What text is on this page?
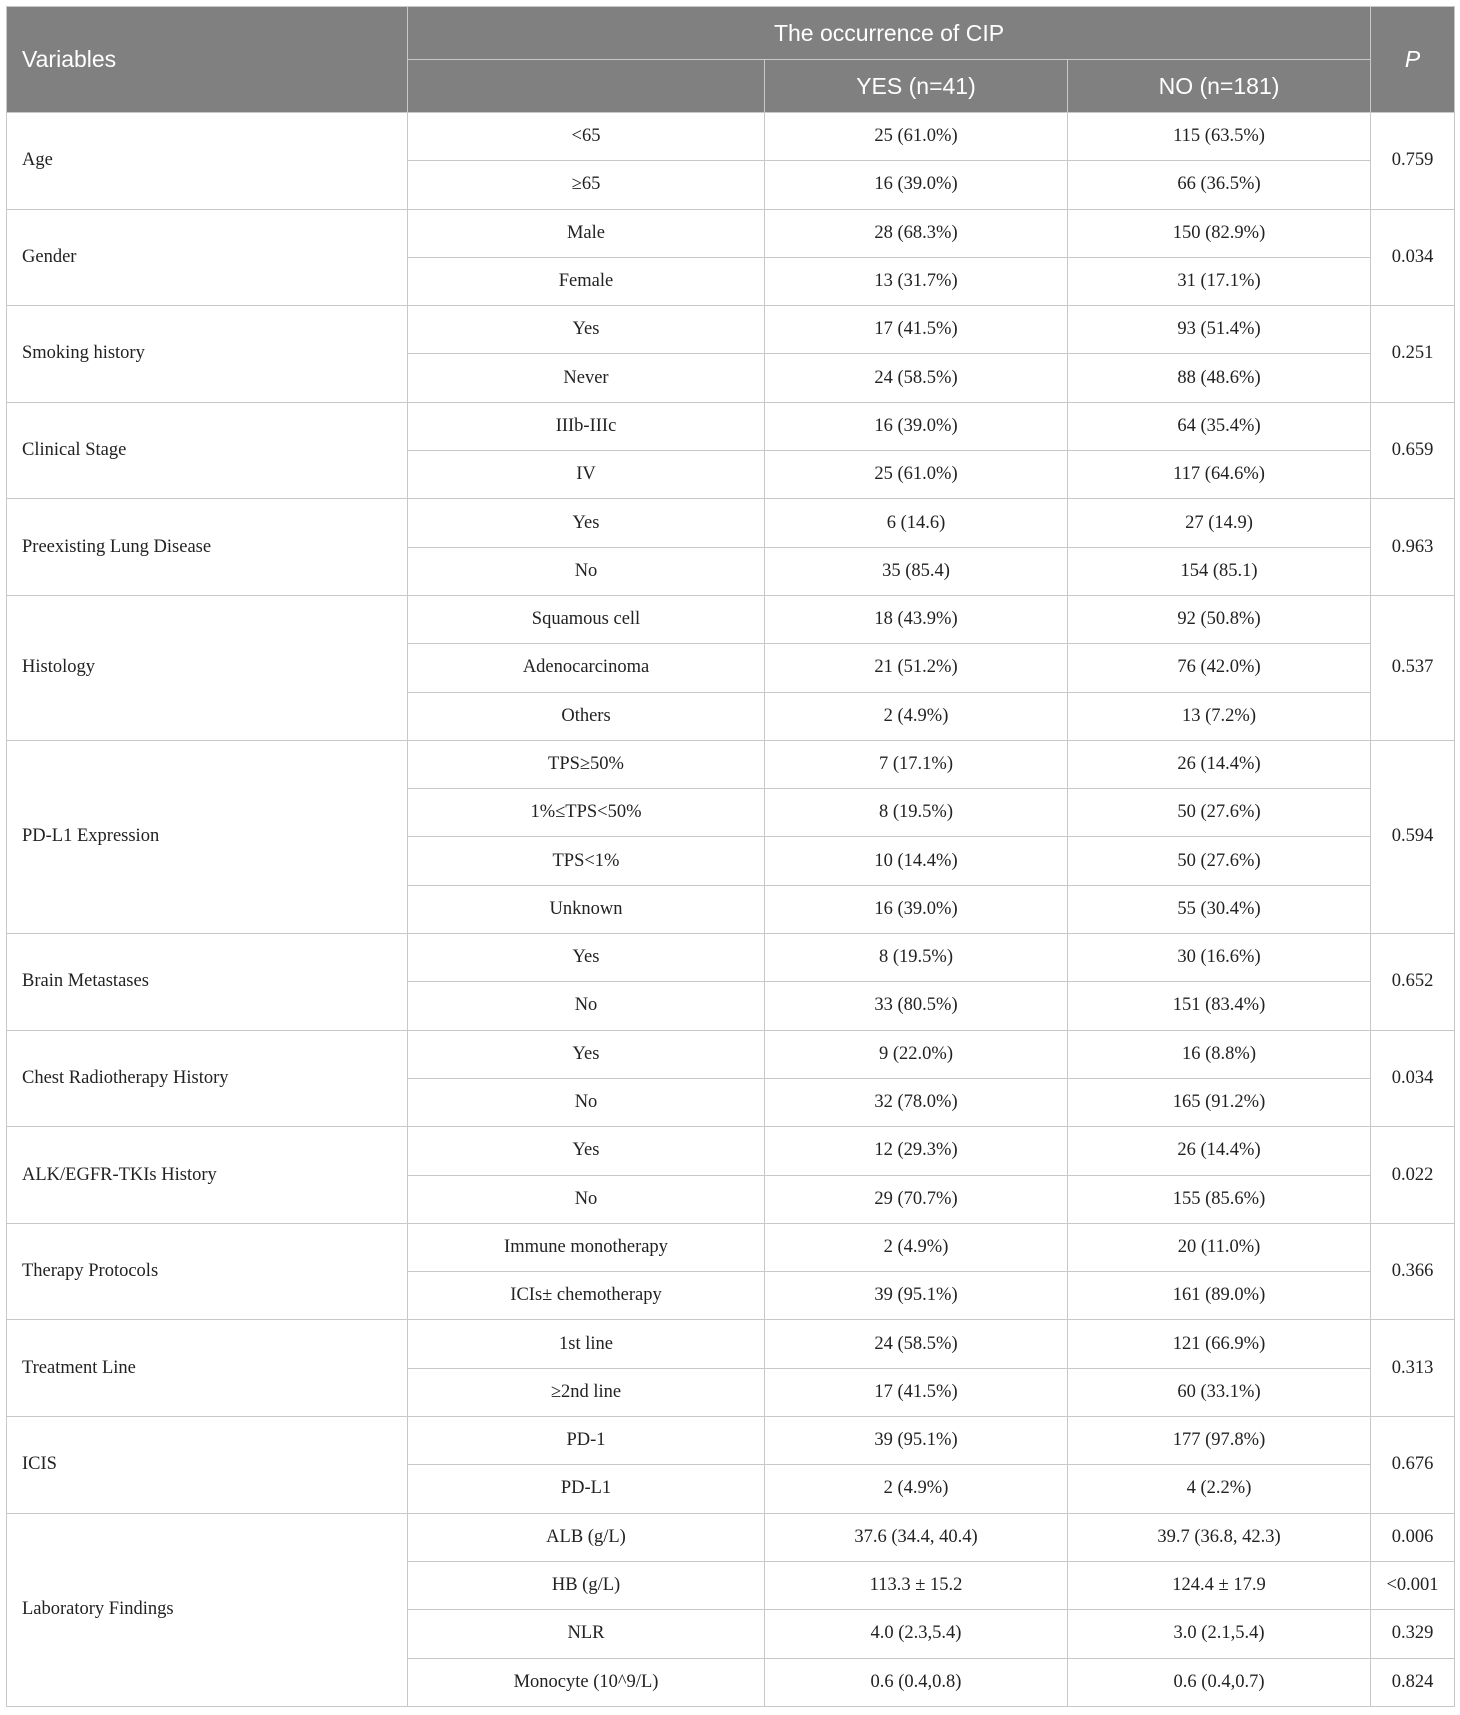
Variables	The occurrence of CIP			P
		YES (n=41)	NO (n=181)	
Age	<65	25 (61.0%)	115 (63.5%)	0.759
	≥65	16 (39.0%)	66 (36.5%)	
Gender	Male	28 (68.3%)	150 (82.9%)	0.034
	Female	13 (31.7%)	31 (17.1%)	
Smoking history	Yes	17 (41.5%)	93 (51.4%)	0.251
	Never	24 (58.5%)	88 (48.6%)	
Clinical Stage	IIIb-IIIc	16 (39.0%)	64 (35.4%)	0.659
	IV	25 (61.0%)	117 (64.6%)	
Preexisting Lung Disease	Yes	6 (14.6)	27 (14.9)	0.963
	No	35 (85.4)	154 (85.1)	
Histology	Squamous cell	18 (43.9%)	92 (50.8%)	0.537
	Adenocarcinoma	21 (51.2%)	76 (42.0%)	
	Others	2 (4.9%)	13 (7.2%)	
PD-L1 Expression	TPS≥50%	7 (17.1%)	26 (14.4%)	0.594
	1%≤TPS<50%	8 (19.5%)	50 (27.6%)	
	TPS<1%	10 (14.4%)	50 (27.6%)	
	Unknown	16 (39.0%)	55 (30.4%)	
Brain Metastases	Yes	8 (19.5%)	30 (16.6%)	0.652
	No	33 (80.5%)	151 (83.4%)	
Chest Radiotherapy History	Yes	9 (22.0%)	16 (8.8%)	0.034
	No	32 (78.0%)	165 (91.2%)	
ALK/EGFR-TKIs History	Yes	12 (29.3%)	26 (14.4%)	0.022
	No	29 (70.7%)	155 (85.6%)	
Therapy Protocols	Immune monotherapy	2 (4.9%)	20 (11.0%)	0.366
	ICIs± chemotherapy	39 (95.1%)	161 (89.0%)	
Treatment Line	1st line	24 (58.5%)	121 (66.9%)	0.313
	≥2nd line	17 (41.5%)	60 (33.1%)	
ICIS	PD-1	39 (95.1%)	177 (97.8%)	0.676
	PD-L1	2 (4.9%)	4 (2.2%)	
Laboratory Findings	ALB (g/L)	37.6 (34.4, 40.4)	39.7 (36.8, 42.3)	0.006
	HB (g/L)	113.3 ± 15.2	124.4 ± 17.9	<0.001
	NLR	4.0 (2.3,5.4)	3.0 (2.1,5.4)	0.329
	Monocyte (10^9/L)	0.6 (0.4,0.8)	0.6 (0.4,0.7)	0.824
